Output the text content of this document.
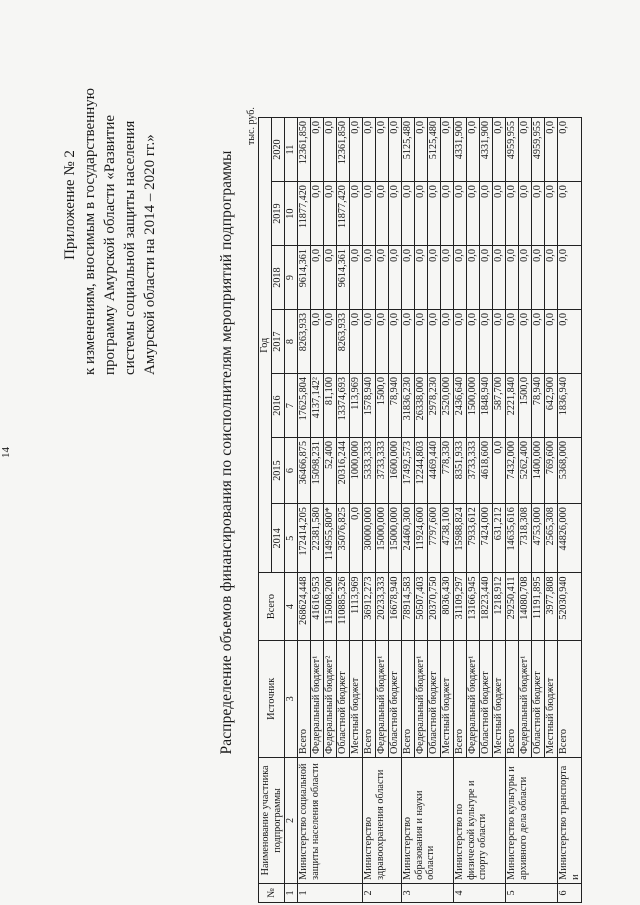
14
Приложение № 2 к изменениям, вносимым в государственную программу Амурской области «Развитие системы социальной защиты населения Амурской области на 2014 – 2020 гг.»	Распределение объемов финансирования по соисполнителям мероприятий подпрограммы
тыс. руб.
№	Наименование участника подпрограммы	Источник	Всего	Год						
				2014	2015	2016	2017	2018	2019	2020
1	2	3	4	5	6	7	8	9	10	11
1	Министерство социальной защиты населения области	Всего	268624,448	172414,205	36466,875	17625,804	8263,933	9614,361	11877,420	12361,850
		Федеральный бюджет¹	41616,953	22381,580	15098,231	4137,142²	0,0	0,0	0,0	0,0
		Федеральный бюджет²	115008,200	114955,800*	52,400	81,100	0,0	0,0	0,0	0,0
		Областной бюджет	110885,326	35076,825	20316,244	13374,693	8263,933	9614,361	11877,420	12361,850
		Местный бюджет	1113,969	0,0	1000,000	113,969	0,0	0,0	0,0	0,0
2	Министерство здравоохранения области	Всего	36912,273	30000,000	5333,333	1578,940	0,0	0,0	0,0	0,0
		Федеральный бюджет¹	20233,333	15000,000	3733,333	1500,0	0,0	0,0	0,0	0,0
		Областной бюджет	16678,940	15000,000	1600,000	78,940	0,0	0,0	0,0	0,0
3	Министерство образования и науки области	Всего	78914,583	24460,300	17492,573	31836,230	0,0	0,0	0,0	5125,480
		Федеральный бюджет¹	50507,403	11924,600	12244,803	26338,000	0,0	0,0	0,0	0,0
		Областной бюджет	20370,750	7797,600	4469,440	2978,230	0,0	0,0	0,0	5125,480
		Местный бюджет	8036,430	4738,100	778,330	2520,000	0,0	0,0	0,0	0,0
4	Министерство по физической культуре и спорту области	Всего	31109,297	15988,824	8351,933	2436,640	0,0	0,0	0,0	4331,900
		Федеральный бюджет¹	13166,945	7933,612	3733,333	1500,000	0,0	0,0	0,0	0,0
		Областной бюджет	18223,440	7424,000	4618,600	1848,940	0,0	0,0	0,0	4331,900
		Местный бюджет	1218,912	631,212	0,0	587,700	0,0	0,0	0,0	0,0
5	Министерство культуры и архивного дела области	Всего	29250,411	14635,616	7432,000	2221,840	0,0	0,0	0,0	4959,955
		Федеральный бюджет¹	14080,708	7318,308	5262,400	1500,0	0,0	0,0	0,0	0,0
		Областной бюджет	11191,895	4753,000	1400,000	78,940	0,0	0,0	0,0	4959,955
		Местный бюджет	3977,808	2565,308	769,600	642,900	0,0	0,0	0,0	0,0
6	Министерство транспорта и	Всего	52030,940	44826,000	5368,000	1836,940	0,0	0,0	0,0	0,0
